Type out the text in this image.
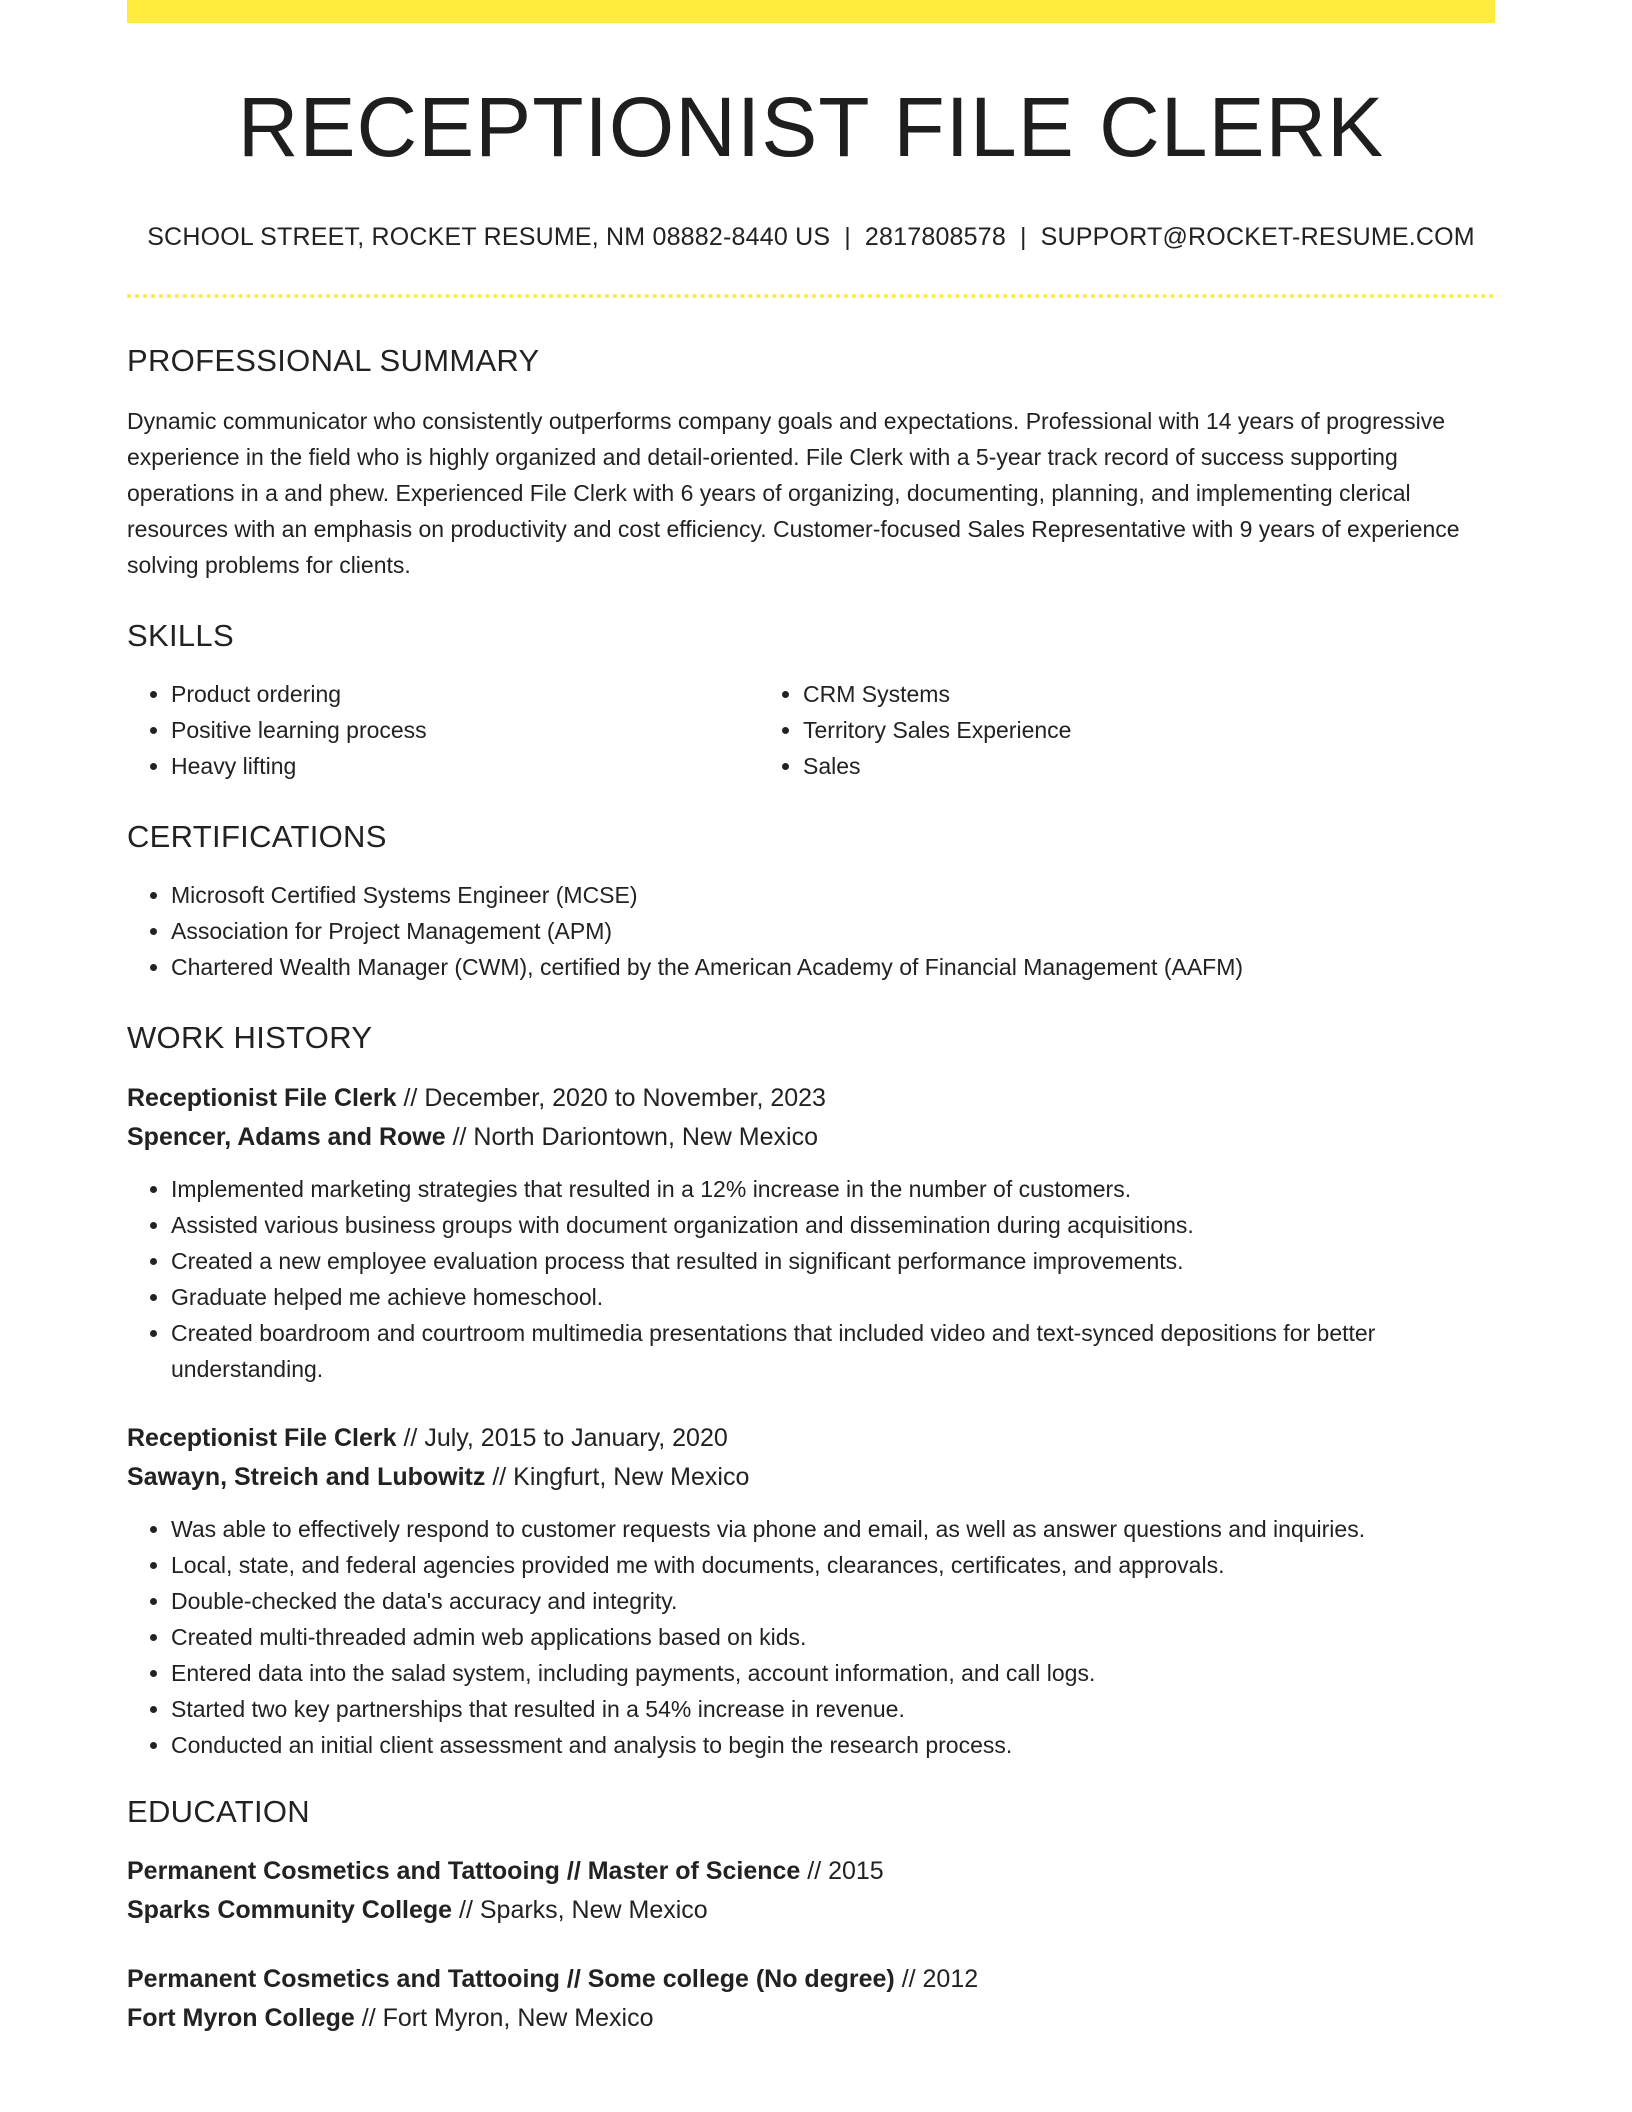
RECEPTIONIST FILE CLERK
SCHOOL STREET, ROCKET RESUME, NM 08882-8440 US | 2817808578 | SUPPORT@ROCKET-RESUME.COM
PROFESSIONAL SUMMARY
Dynamic communicator who consistently outperforms company goals and expectations. Professional with 14 years of progressive experience in the field who is highly organized and detail-oriented. File Clerk with a 5-year track record of success supporting operations in a and phew. Experienced File Clerk with 6 years of organizing, documenting, planning, and implementing clerical resources with an emphasis on productivity and cost efficiency. Customer-focused Sales Representative with 9 years of experience solving problems for clients.
SKILLS
• Product ordering
• Positive learning process
• Heavy lifting
• CRM Systems
• Territory Sales Experience
• Sales
CERTIFICATIONS
• Microsoft Certified Systems Engineer (MCSE)
• Association for Project Management (APM)
• Chartered Wealth Manager (CWM), certified by the American Academy of Financial Management (AAFM)
WORK HISTORY
Receptionist File Clerk // December, 2020 to November, 2023
Spencer, Adams and Rowe // North Dariontown, New Mexico
• Implemented marketing strategies that resulted in a 12% increase in the number of customers.
• Assisted various business groups with document organization and dissemination during acquisitions.
• Created a new employee evaluation process that resulted in significant performance improvements.
• Graduate helped me achieve homeschool.
• Created boardroom and courtroom multimedia presentations that included video and text-synced depositions for better understanding.
Receptionist File Clerk // July, 2015 to January, 2020
Sawayn, Streich and Lubowitz // Kingfurt, New Mexico
• Was able to effectively respond to customer requests via phone and email, as well as answer questions and inquiries.
• Local, state, and federal agencies provided me with documents, clearances, certificates, and approvals.
• Double-checked the data's accuracy and integrity.
• Created multi-threaded admin web applications based on kids.
• Entered data into the salad system, including payments, account information, and call logs.
• Started two key partnerships that resulted in a 54% increase in revenue.
• Conducted an initial client assessment and analysis to begin the research process.
EDUCATION
Permanent Cosmetics and Tattooing // Master of Science // 2015
Sparks Community College // Sparks, New Mexico
Permanent Cosmetics and Tattooing // Some college (No degree) // 2012
Fort Myron College // Fort Myron, New Mexico
